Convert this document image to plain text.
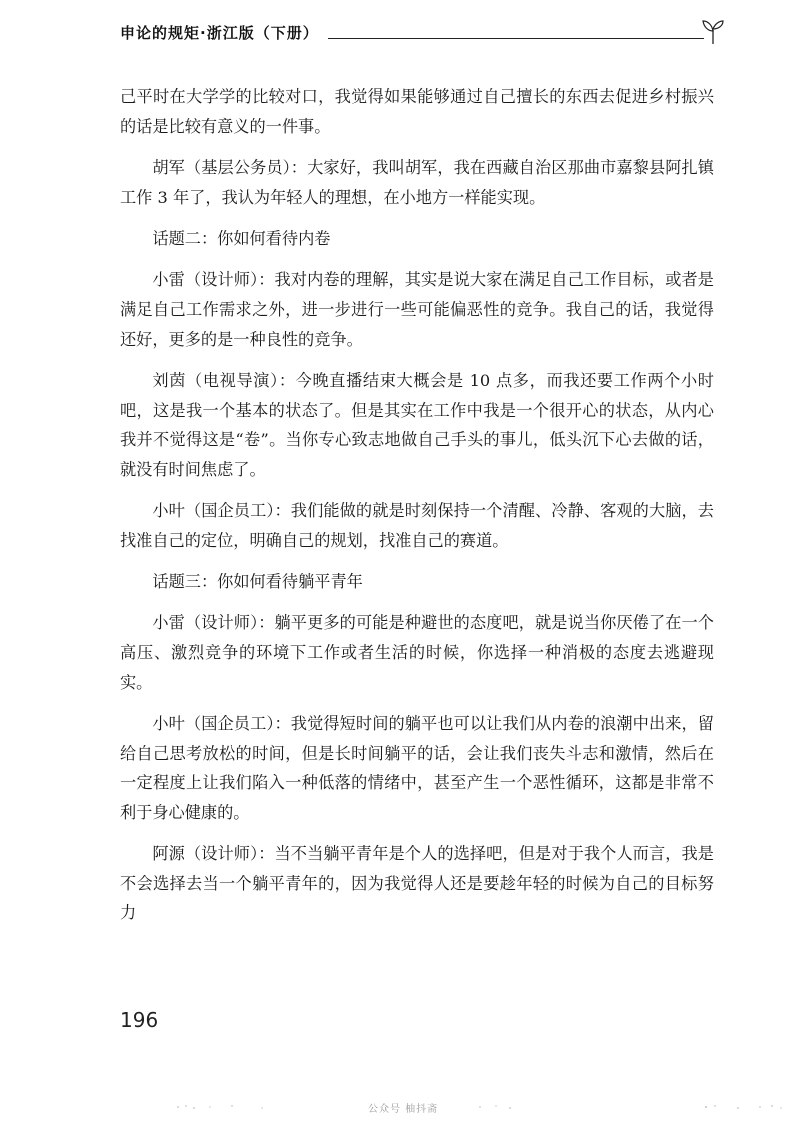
申论的规矩·浙江版（下册）

己平时在大学学的比较对口，我觉得如果能够通过自己擅长的东西去促进乡村振兴的话是比较有意义的一件事。

胡军（基层公务员）：大家好，我叫胡军，我在西藏自治区那曲市嘉黎县阿扎镇工作 3 年了，我认为年轻人的理想，在小地方一样能实现。

话题二：你如何看待内卷

小雷（设计师）：我对内卷的理解，其实是说大家在满足自己工作目标，或者是满足自己工作需求之外，进一步进行一些可能偏恶性的竞争。我自己的话，我觉得还好，更多的是一种良性的竞争。

刘茵（电视导演）：今晚直播结束大概会是 10 点多，而我还要工作两个小时吧，这是我一个基本的状态了。但是其实在工作中我是一个很开心的状态，从内心我并不觉得这是“卷”。当你专心致志地做自己手头的事儿，低头沉下心去做的话，就没有时间焦虑了。

小叶（国企员工）：我们能做的就是时刻保持一个清醒、冷静、客观的大脑，去找准自己的定位，明确自己的规划，找准自己的赛道。

话题三：你如何看待躺平青年

小雷（设计师）：躺平更多的可能是种避世的态度吧，就是说当你厌倦了在一个高压、激烈竞争的环境下工作或者生活的时候，你选择一种消极的态度去逃避现实。

小叶（国企员工）：我觉得短时间的躺平也可以让我们从内卷的浪潮中出来，留给自己思考放松的时间，但是长时间躺平的话，会让我们丧失斗志和激情，然后在一定程度上让我们陷入一种低落的情绪中，甚至产生一个恶性循环，这都是非常不利于身心健康的。

阿源（设计师）：当不当躺平青年是个人的选择吧，但是对于我个人而言，我是不会选择去当一个躺平青年的，因为我觉得人还是要趁年轻的时候为自己的目标努力

196
公众号 柚抖斋
